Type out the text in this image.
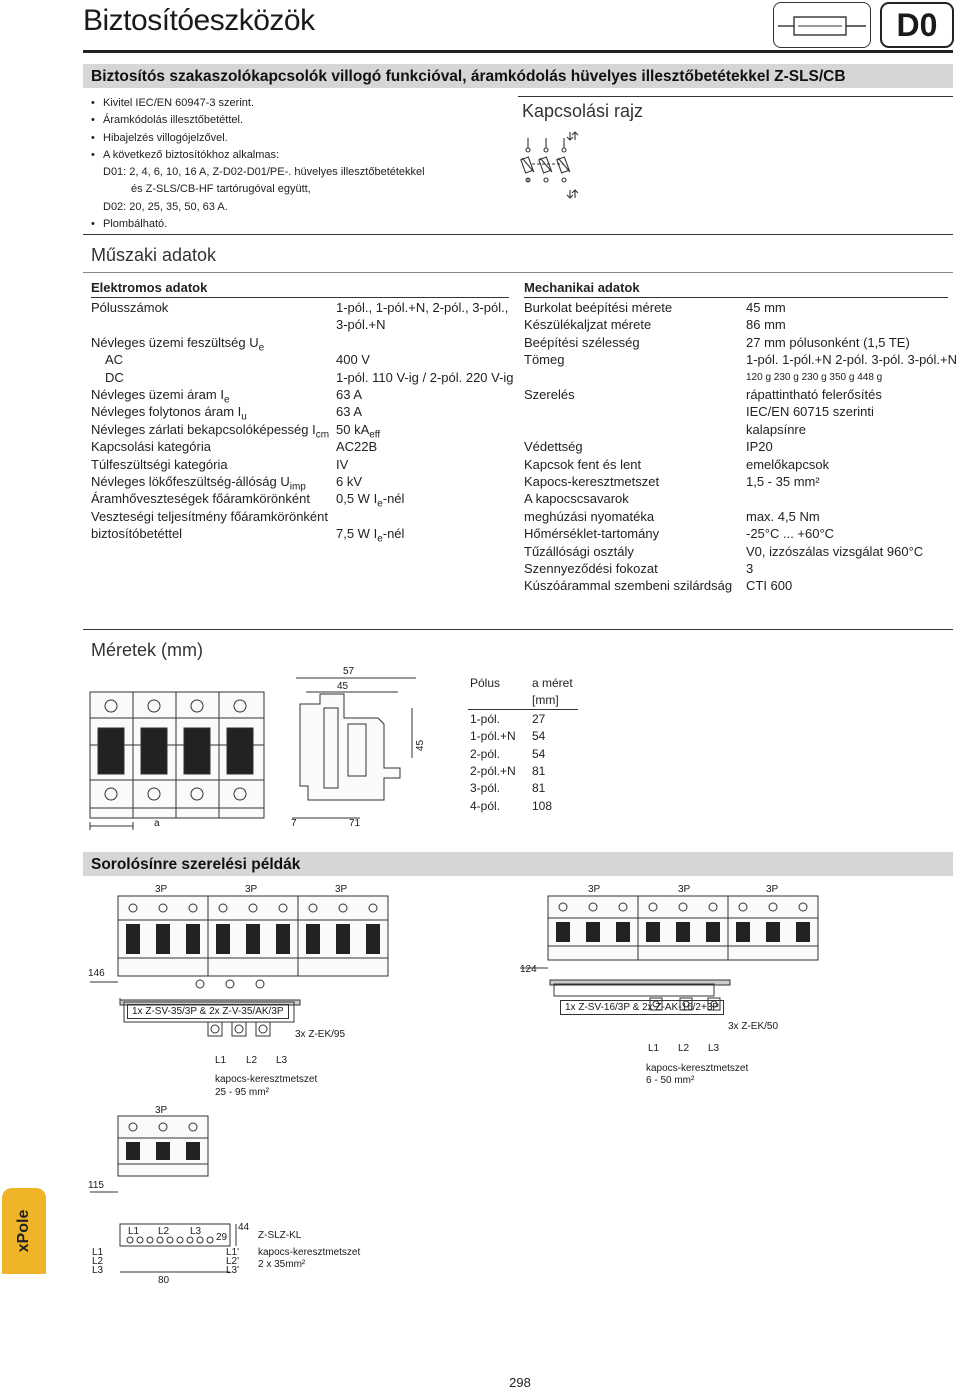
Biztosítóeszközök	D0
Biztosítós szakaszolókapcsolók villogó funkcióval, áramkódolás hüvelyes illesztőbetétekkel Z-SLS/CB
• Kivitel IEC/EN 60947-3 szerint.
• Áramkódolás illesztőbetéttel.
• Hibajelzés villogójelzővel.
• A következő biztosítókhoz alkalmas:
D01: 2, 4, 6, 10, 16 A, Z-D02-D01/PE-. hüvelyes illesztőbetétekkel
és Z-SLS/CB-HF tartórugóval együtt,
D02: 20, 25, 35, 50, 63 A.
• Plombálható.
Kapcsolási rajz
Műszaki adatok
Elektromos adatok	Mechanikai adatok
Pólusszámok	1-pól., 1-pól.+N, 2-pól., 3-pól.,
3-pól.+N
Névleges üzemi feszültség $U_e$
AC	400 V
DC	1-pól. 110 V-ig / 2-pól. 220 V-ig
Névleges üzemi áram $I_e$	63 A
Névleges folytonos áram $I_u$	63 A
Névleges zárlati bekapcsolóképesség $I_{cm}$ 50 $kA_{eff}$
Kapcsolási kategória	AC22B
Túlfeszültségi kategória	IV
Névleges lökőfeszültség-állóság $U_{imp}$ 6 kV
Áramhőveszteségek főáramkörönként 0,5 W $I_e$-nél
Veszteségi teljesítmény főáramkörönként
biztosítóbetéttel	7,5 W $I_e$-nél
Burkolat beépítési mérete	45 mm
Készülékaljzat mérete	86 mm
Beépítési szélesség	27 mm pólusonként (1,5 TE)
Tömeg	1-pól. 1-pól.+N 2-pól. 3-pól. 3-pól.+N
120 g 230 g 230 g 350 g 448 g
Szerelés	rápattintható felerősítés
IEC/EN 60715 szerinti
kalapsínre
Védettség	IP20
Kapcsok fent és lent	emelőkapcsok
Kapocs-keresztmetszet	1,5 - 35 mm²
A kapocscsavarok
meghúzási nyomatéka	max. 4,5 Nm
Hőmérséklet-tartomány	-25°C ... +60°C
Tűzállósági osztály	V0, izzószálas vizsgálat 960°C
Szennyeződési fokozat	3
Kúszóárammal szembeni szilárdság CTI 600
Méretek (mm)
a
57
45
45
7	71
Pólus	a méret
[mm]
1-pól.	27
1-pól.+N 54
2-pól.	54
2-pól.+N 81
3-pól.	81
4-pól.	108
Sorolósínre szerelési példák
3P	3P	3P
146
1x Z-SV-35/3P & 2x Z-V-35/AK/3P
3x Z-EK/95
L1 L2 L3
kapocs-keresztmetszet
25 - 95 mm²
3P	3P	3P
124
1x Z-SV-16/3P & 2x Z-AK-16/2+3P
3x Z-EK/50
L1 L2 L3
kapocs-keresztmetszet
6 - 50 mm²
3P
115
44
29	Z-SLZ-KL
L1 L2 L3
L1
L2
L3
L1'
L2'
L3'
kapocs-keresztmetszet
2 x 35mm²
80
xPole
298
